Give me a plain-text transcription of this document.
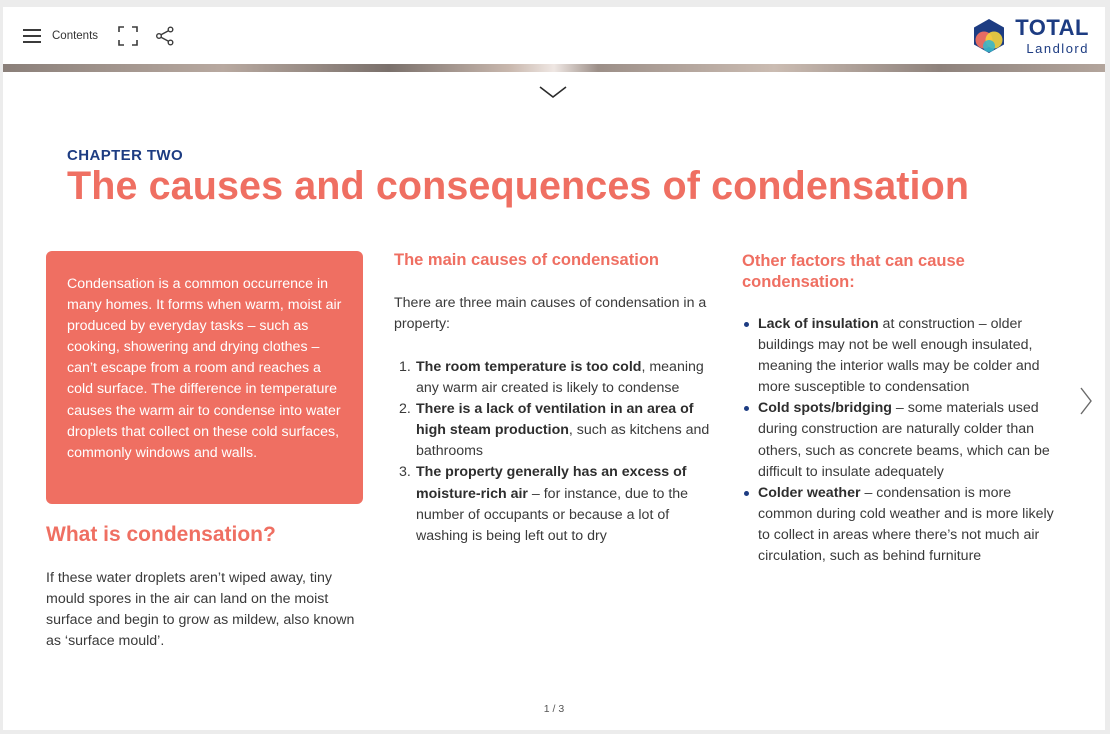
Contents	TOTAL
Landlord
CHAPTER TWO
The causes and consequences of condensation

Condensation is a common occurrence in many homes. It forms when warm, moist air produced by everyday tasks – such as cooking, showering and drying clothes – can’t escape from a room and reaches a cold surface. The difference in temperature causes the warm air to condense into water droplets that collect on these cold surfaces, commonly windows and walls.

What is condensation?

If these water droplets aren’t wiped away, tiny mould spores in the air can land on the moist surface and begin to grow as mildew, also known as ‘surface mould’.

The main causes of condensation

There are three main causes of condensation in a property:

1. The room temperature is too cold, meaning any warm air created is likely to condense
2. There is a lack of ventilation in an area of high steam production, such as kitchens and bathrooms
3. The property generally has an excess of moisture-rich air – for instance, due to the number of occupants or because a lot of washing is being left out to dry
Other factors that can cause condensation:
Lack of insulation at construction – older buildings may not be well enough insulated, meaning the interior walls may be colder and more susceptible to condensation
Cold spots/bridging – some materials used during construction are naturally colder than others, such as concrete beams, which can be difficult to insulate adequately
Colder weather – condensation is more common during cold weather and is more likely to collect in areas where there’s not much air circulation, such as behind furniture
1 / 3
